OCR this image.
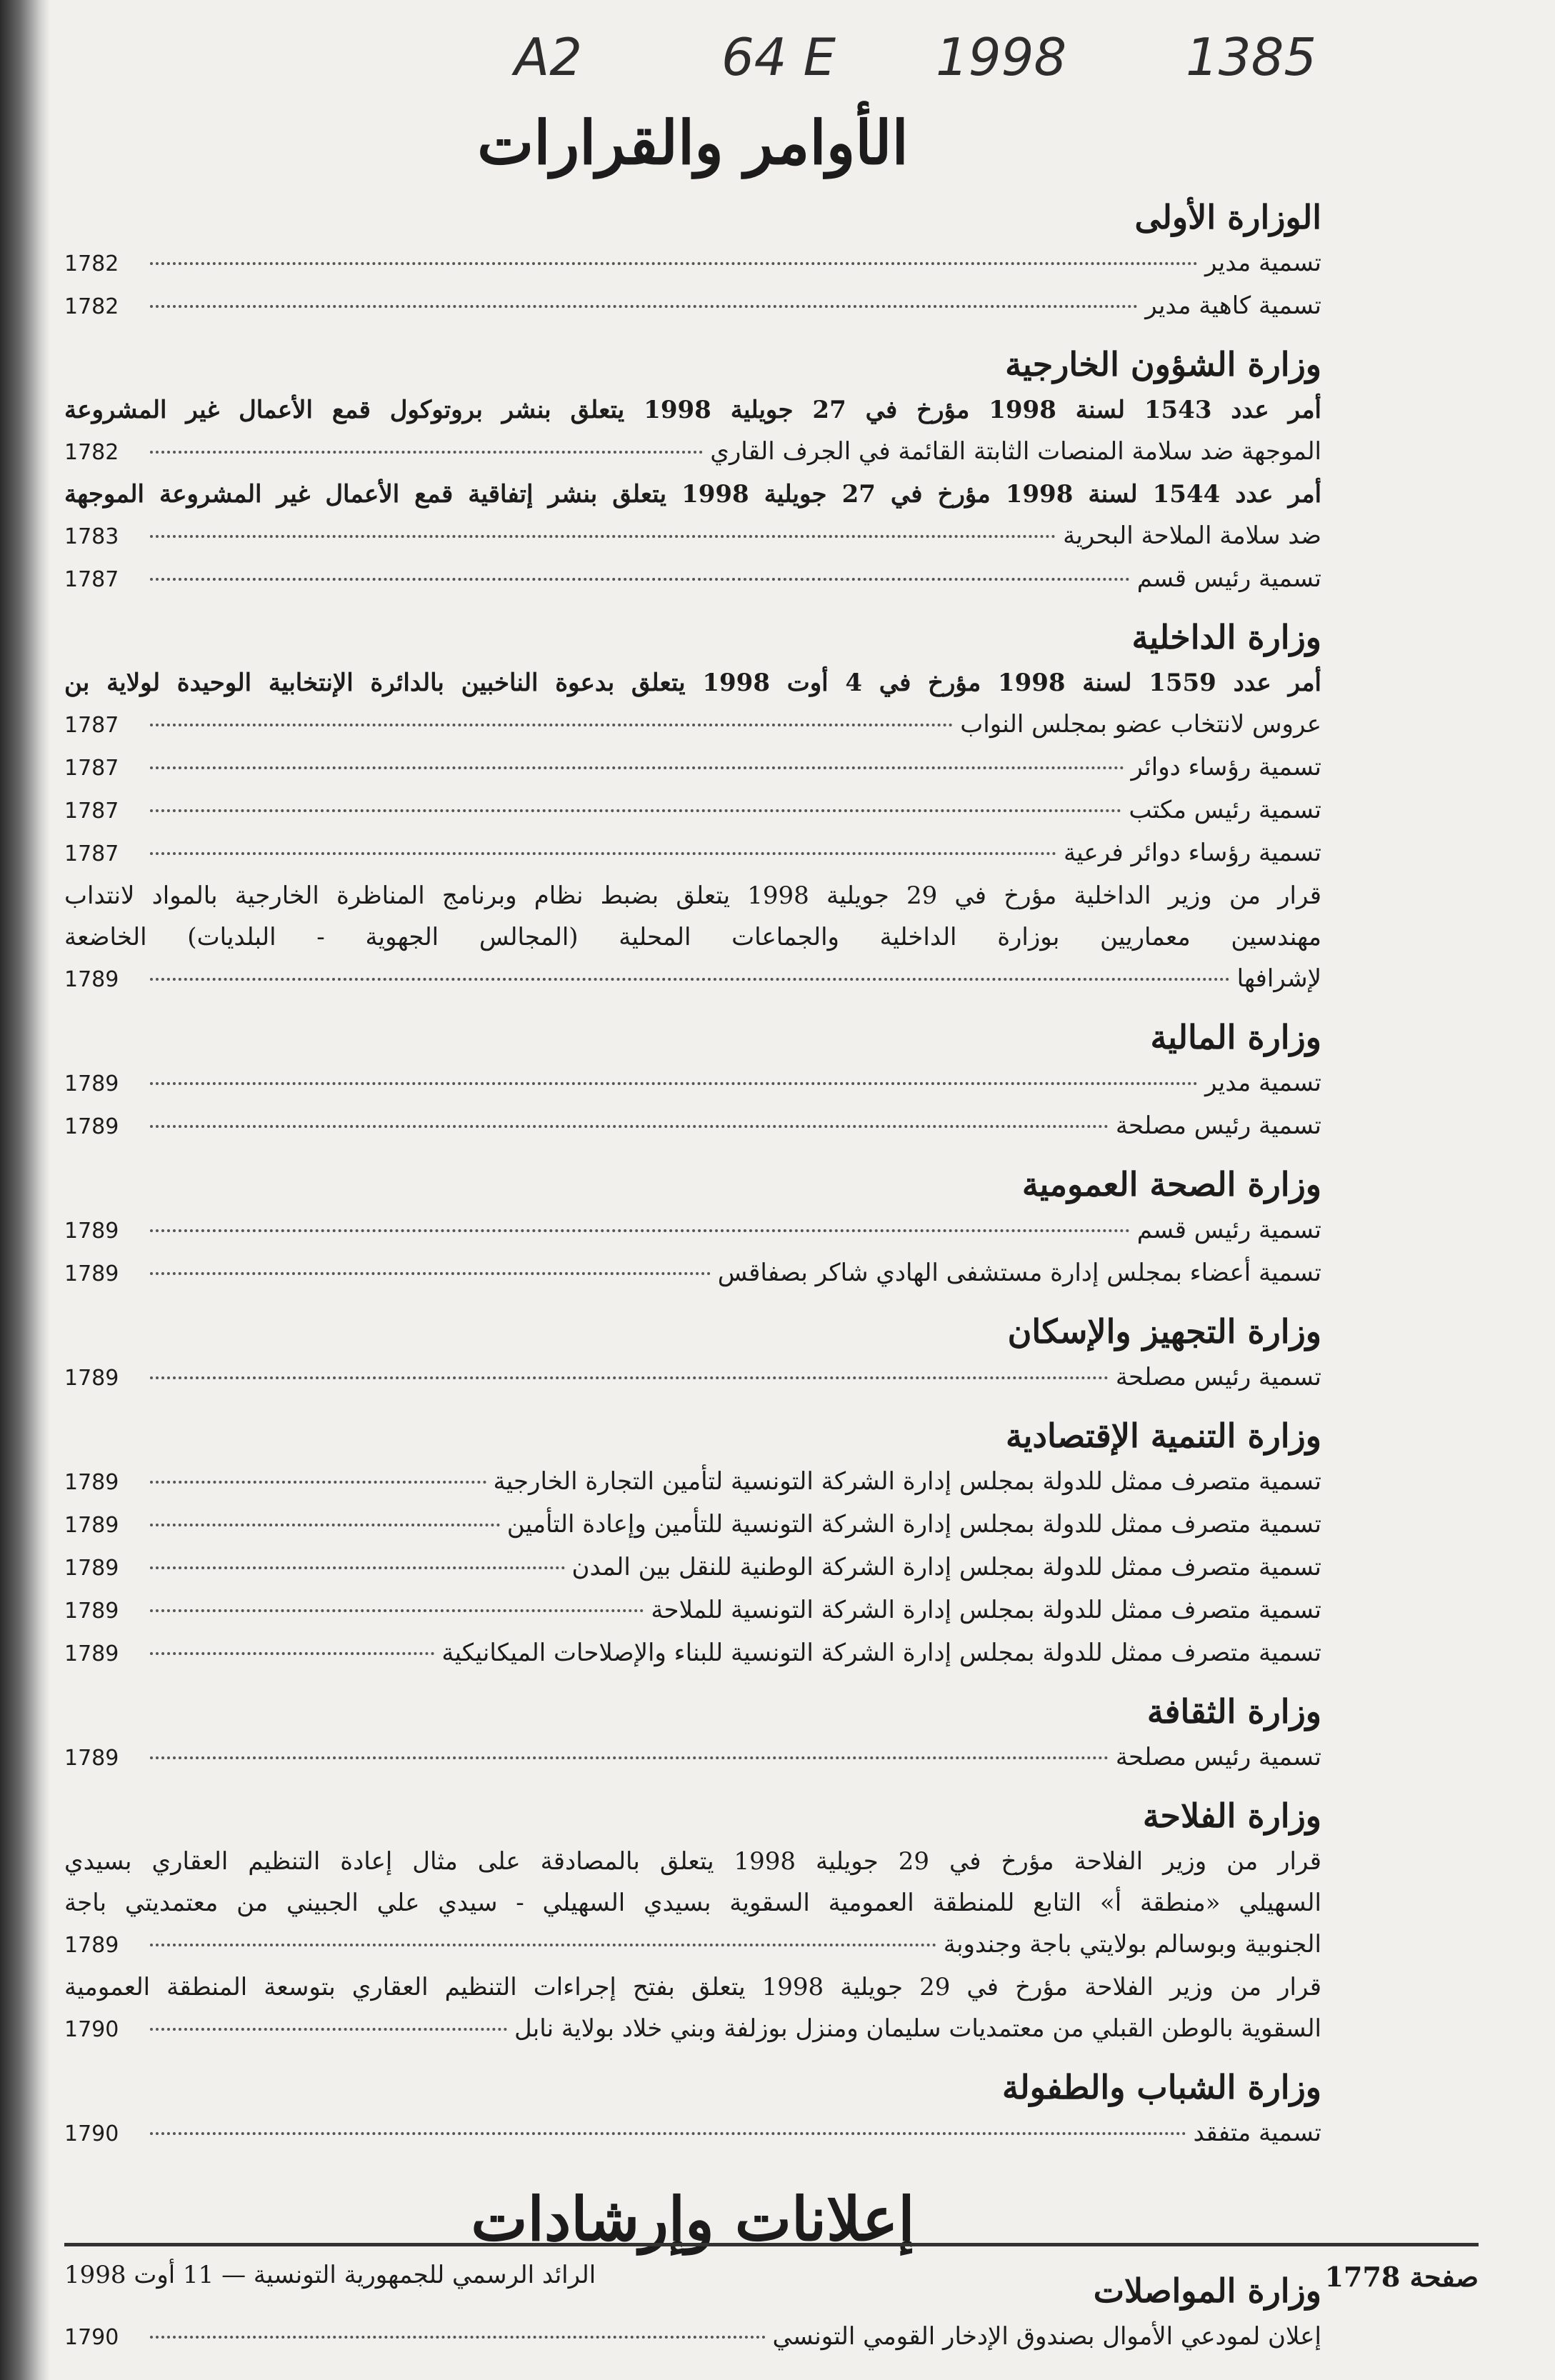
A2	64 E 1998 1385
الأوامر والقرارات
الوزارة الأولى
تسمية مدير
1782
تسمية كاهية مدير
1782
وزارة الشؤون الخارجية
أمر عدد 1543 لسنة 1998 مؤرخ في 27 جويلية 1998 يتعلق بنشر بروتوكول قمع الأعمال غير المشروعة
الموجهة ضد سلامة المنصات الثابتة القائمة في الجرف القاري
1782
أمر عدد 1544 لسنة 1998 مؤرخ في 27 جويلية 1998 يتعلق بنشر إتفاقية قمع الأعمال غير المشروعة الموجهة
ضد سلامة الملاحة البحرية
1783
تسمية رئيس قسم
1787
وزارة الداخلية
أمر عدد 1559 لسنة 1998 مؤرخ في 4 أوت 1998 يتعلق بدعوة الناخبين بالدائرة الإنتخابية الوحيدة لولاية بن
عروس لانتخاب عضو بمجلس النواب
1787
تسمية رؤساء دوائر
1787
تسمية رئيس مكتب
1787
تسمية رؤساء دوائر فرعية
1787
قرار من وزير الداخلية مؤرخ في 29 جويلية 1998 يتعلق بضبط نظام وبرنامج المناظرة الخارجية بالمواد لانتداب
مهندسين معماريين بوزارة الداخلية والجماعات المحلية (المجالس الجهوية - البلديات) الخاضعة
لإشرافها
1789
وزارة المالية
تسمية مدير
1789
تسمية رئيس مصلحة
1789
وزارة الصحة العمومية
تسمية رئيس قسم
1789
تسمية أعضاء بمجلس إدارة مستشفى الهادي شاكر بصفاقس
1789
وزارة التجهيز والإسكان
تسمية رئيس مصلحة
1789
وزارة التنمية الإقتصادية
تسمية متصرف ممثل للدولة بمجلس إدارة الشركة التونسية لتأمين التجارة الخارجية
1789
تسمية متصرف ممثل للدولة بمجلس إدارة الشركة التونسية للتأمين وإعادة التأمين
1789
تسمية متصرف ممثل للدولة بمجلس إدارة الشركة الوطنية للنقل بين المدن
1789
تسمية متصرف ممثل للدولة بمجلس إدارة الشركة التونسية للملاحة
1789
تسمية متصرف ممثل للدولة بمجلس إدارة الشركة التونسية للبناء والإصلاحات الميكانيكية
1789
وزارة الثقافة
تسمية رئيس مصلحة
1789
وزارة الفلاحة
قرار من وزير الفلاحة مؤرخ في 29 جويلية 1998 يتعلق بالمصادقة على مثال إعادة التنظيم العقاري بسيدي
السهيلي «منطقة أ» التابع للمنطقة العمومية السقوية بسيدي السهيلي - سيدي علي الجبيني من معتمديتي باجة
الجنوبية وبوسالم بولايتي باجة وجندوبة
1789
قرار من وزير الفلاحة مؤرخ في 29 جويلية 1998 يتعلق بفتح إجراءات التنظيم العقاري بتوسعة المنطقة العمومية
السقوية بالوطن القبلي من معتمديات سليمان ومنزل بوزلفة وبني خلاد بولاية نابل
1790
وزارة الشباب والطفولة
تسمية متفقد
1790
إعلانات وإرشادات
وزارة المواصلات
إعلان لمودعي الأموال بصندوق الإدخار القومي التونسي
1790
صفحة 1778
الرائد الرسمي للجمهورية التونسية — 11 أوت 1998
